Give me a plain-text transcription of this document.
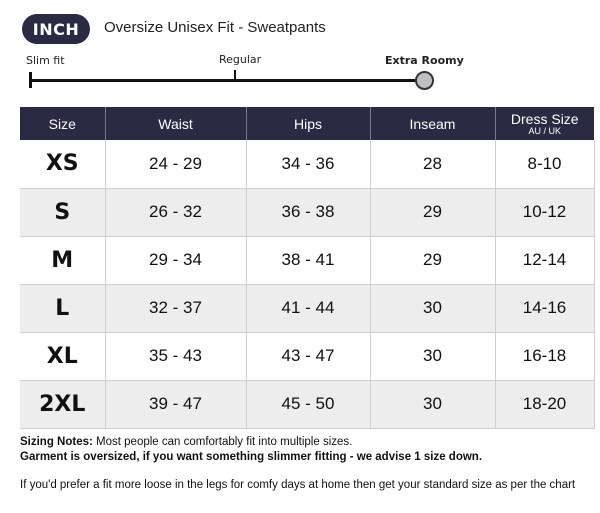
INCH	Oversize Unisex Fit - Sweatpants
Slim fit	Regular	Extra Roomy
Size	Waist	Hips	Inseam	Dress Size
AU / UK

XS	24 - 29	34 - 36	28	8-10
S	26 - 32	36 - 38	29	10-12
M	29 - 34	38 - 41	29	12-14
L	32 - 37	41 - 44	30	14-16
XL	35 - 43	43 - 47	30	16-18
2XL	39 - 47	45 - 50	30	18-20
Sizing Notes: Most people can comfortably fit into multiple sizes.
Garment is oversized, if you want something slimmer fitting - we advise 1 size down.
If you'd prefer a fit more loose in the legs for comfy days at home then get your standard size as per the chart
